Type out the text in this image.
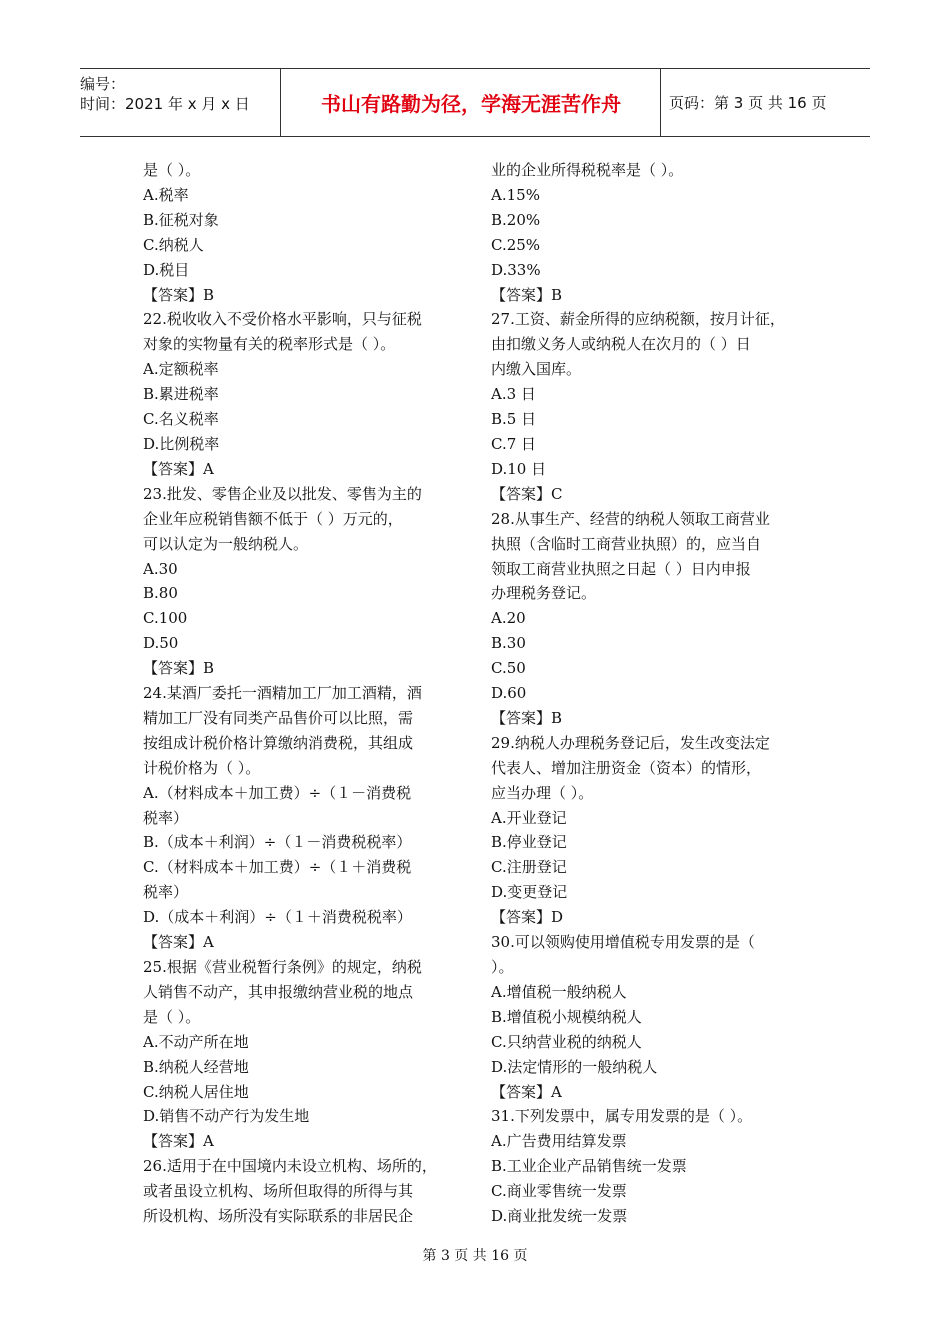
编号：
时间：2021 年 x 月 x 日	书山有路勤为径，学海无涯苦作舟	页码：第 3 页 共 16 页
是（ ）。
A.税率
B.征税对象
C.纳税人
D.税目
【答案】B
22.税收收入不受价格水平影响，只与征税
对象的实物量有关的税率形式是（ ）。
A.定额税率
B.累进税率
C.名义税率
D.比例税率
【答案】A
23.批发、零售企业及以批发、零售为主的
企业年应税销售额不低于（ ）万元的，
可以认定为一般纳税人。
A.30
B.80
C.100
D.50
【答案】B
24.某酒厂委托一酒精加工厂加工酒精，酒
精加工厂没有同类产品售价可以比照，需
按组成计税价格计算缴纳消费税，其组成
计税价格为（ ）。
A.（材料成本＋加工费）÷（１－消费税
税率）
B.（成本＋利润）÷（１－消费税税率）
C.（材料成本＋加工费）÷（１＋消费税
税率）
D.（成本＋利润）÷（１＋消费税税率）
【答案】A
25.根据《营业税暂行条例》的规定，纳税
人销售不动产，其申报缴纳营业税的地点
是（ ）。
A.不动产所在地
B.纳税人经营地
C.纳税人居住地
D.销售不动产行为发生地
【答案】A
26.适用于在中国境内未设立机构、场所的，
或者虽设立机构、场所但取得的所得与其
所设机构、场所没有实际联系的非居民企
业的企业所得税税率是（ ）。
A.15%
B.20%
C.25%
D.33%
【答案】B
27.工资、薪金所得的应纳税额，按月计征，
由扣缴义务人或纳税人在次月的（ ）日
内缴入国库。
A.3 日
B.5 日
C.7 日
D.10 日
【答案】C
28.从事生产、经营的纳税人领取工商营业
执照（含临时工商营业执照）的，应当自
领取工商营业执照之日起（ ）日内申报
办理税务登记。
A.20
B.30
C.50
D.60
【答案】B
29.纳税人办理税务登记后，发生改变法定
代表人、增加注册资金（资本）的情形，
应当办理（ ）。
A.开业登记
B.停业登记
C.注册登记
D.变更登记
【答案】D
30.可以领购使用增值税专用发票的是（
）。
A.增值税一般纳税人
B.增值税小规模纳税人
C.只纳营业税的纳税人
D.法定情形的一般纳税人
【答案】A
31.下列发票中，属专用发票的是（ ）。
A.广告费用结算发票
B.工业企业产品销售统一发票
C.商业零售统一发票
D.商业批发统一发票
第 3 页 共 16 页
